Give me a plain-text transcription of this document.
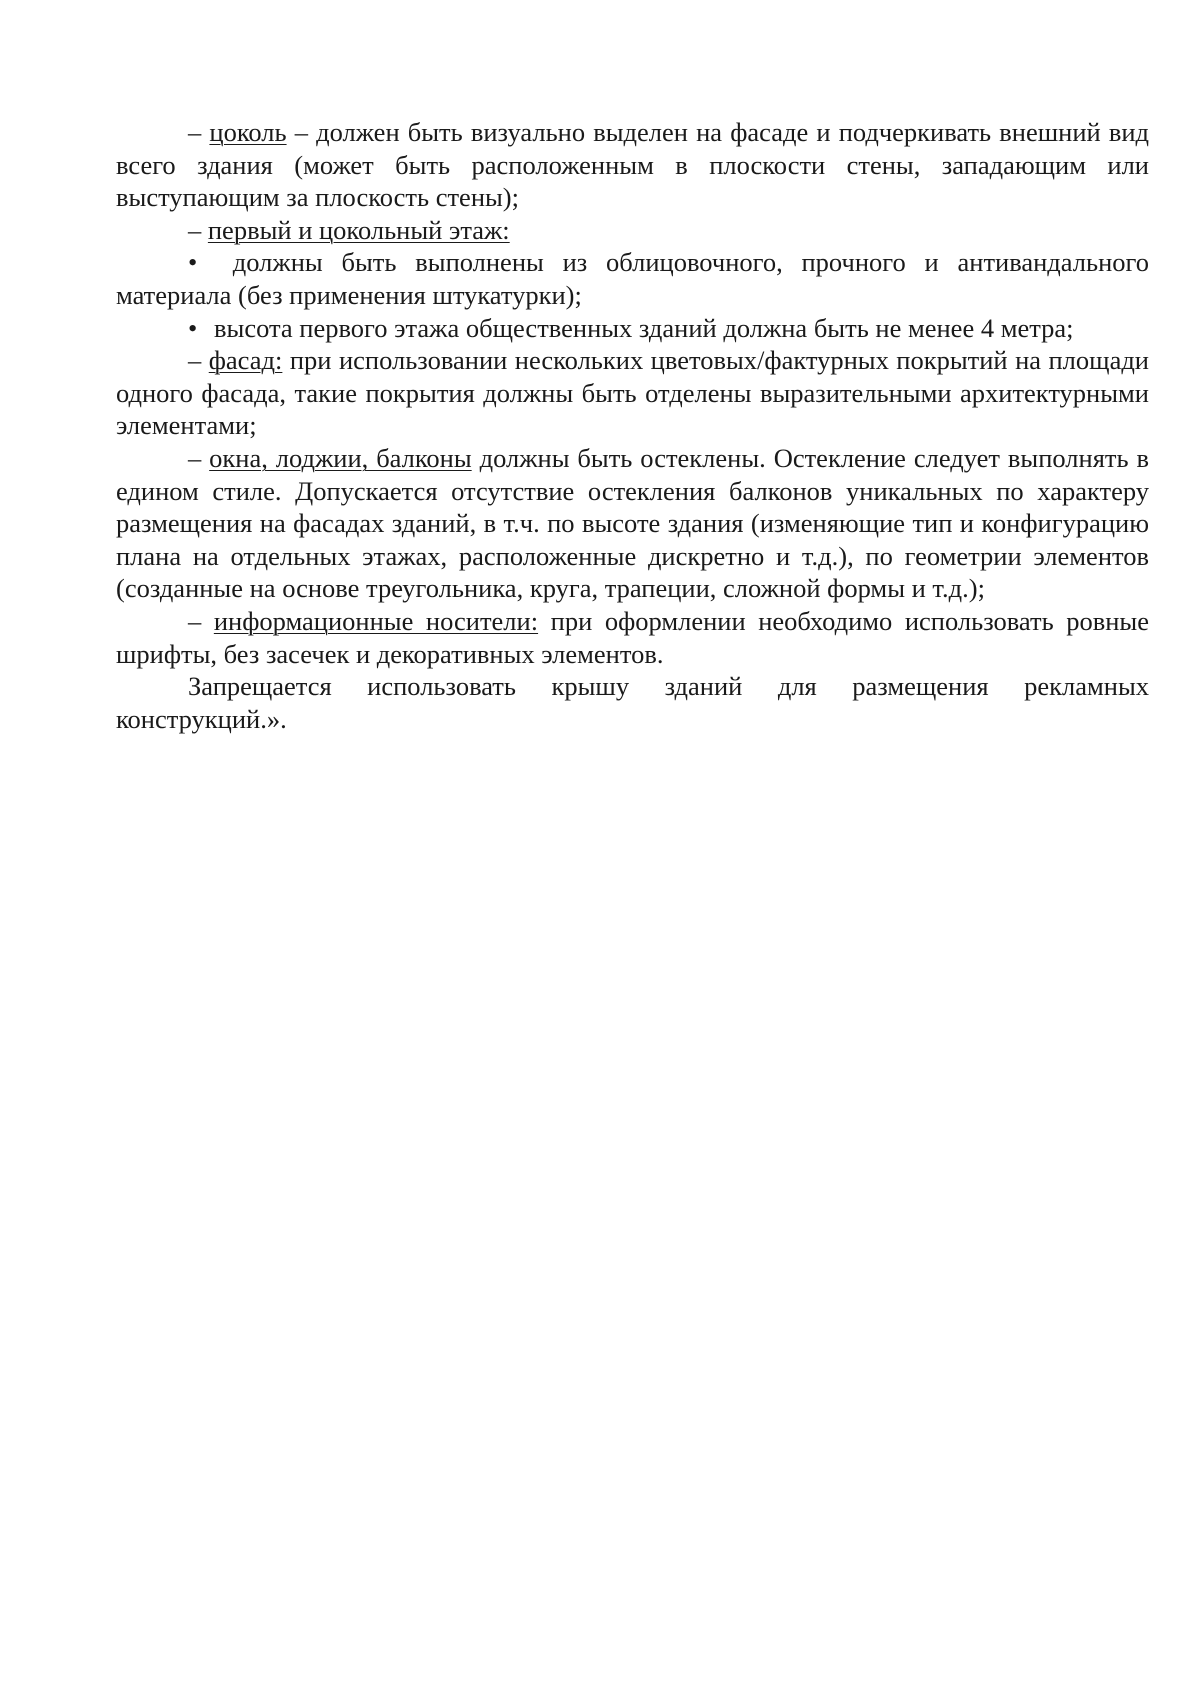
– цоколь – должен быть визуально выделен на фасаде и подчеркивать внешний вид всего здания (может быть расположенным в плоскости стены, западающим или выступающим за плоскость стены);

– первый и цокольный этаж:

• должны быть выполнены из облицовочного, прочного и антивандального материала (без применения штукатурки);

• высота первого этажа общественных зданий должна быть не менее 4 метра;

– фасад: при использовании нескольких цветовых/фактурных покрытий на площади одного фасада, такие покрытия должны быть отделены выразительными архитектурными элементами;

– окна, лоджии, балконы должны быть остеклены. Остекление следует выполнять в едином стиле. Допускается отсутствие остекления балконов уникальных по характеру размещения на фасадах зданий, в т.ч. по высоте здания (изменяющие тип и конфигурацию плана на отдельных этажах, расположенные дискретно и т.д.), по геометрии элементов (созданные на основе треугольника, круга, трапеции, сложной формы и т.д.);

– информационные носители: при оформлении необходимо использовать ровные шрифты, без засечек и декоративных элементов.

Запрещается использовать крышу зданий для размещения рекламных конструкций.».
